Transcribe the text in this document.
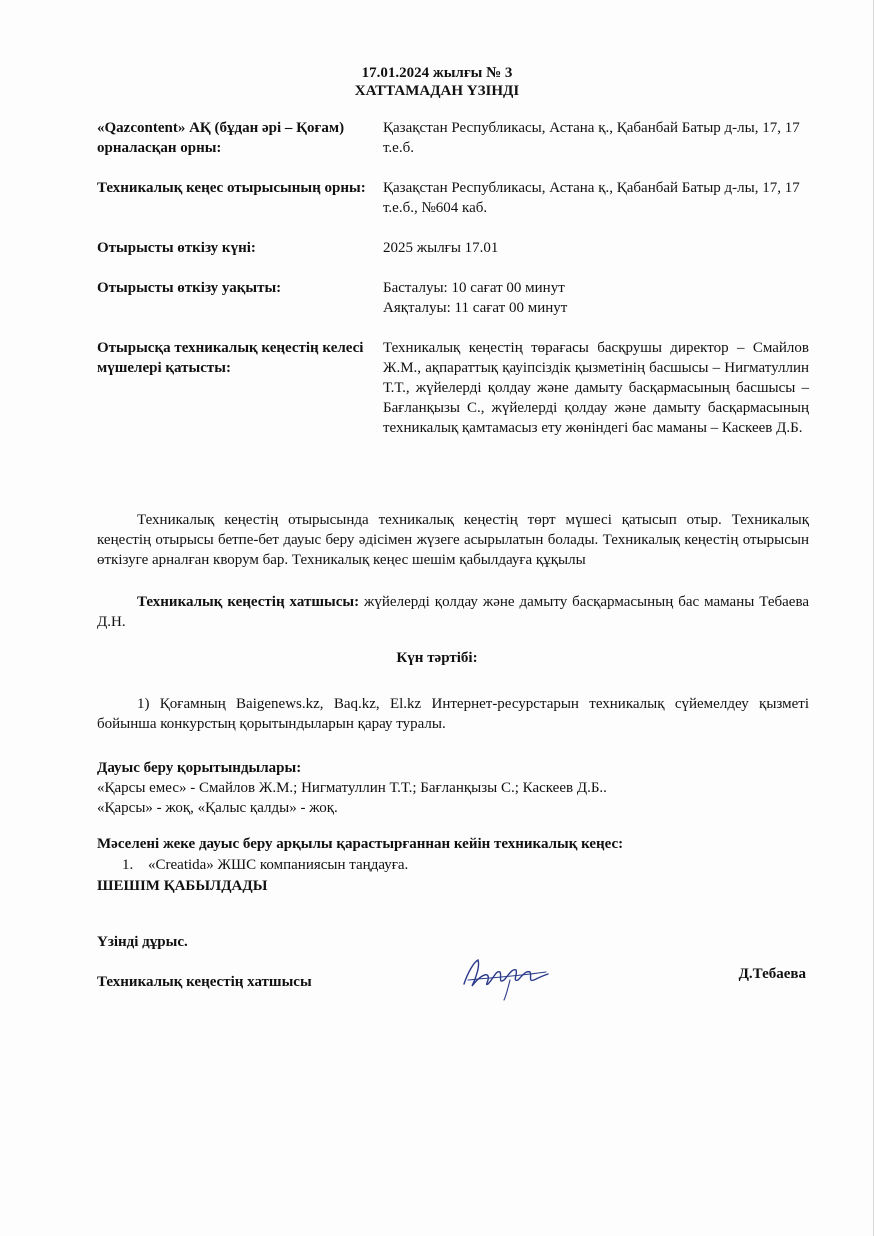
17.01.2024 жылғы № 3
ХАТТАМАДАН ҮЗІНДІ
«Qazcontent» АҚ (бұдан әрі – Қоғам) орналасқан орны:
Қазақстан Республикасы, Астана қ., Қабанбай Батыр д-лы, 17, 17 т.е.б.
Техникалық кеңес отырысының орны:	Қазақстан Республикасы, Астана қ., Қабанбай Батыр д-лы, 17, 17 т.е.б., №604 каб.
Отырысты өткізу күні:	2025 жылғы 17.01
Отырысты өткізу уақыты:	Басталуы: 10 сағат 00 минут
Аяқталуы: 11 сағат 00 минут
Отырысқа техникалық кеңестің келесі мүшелері қатысты:
Техникалық кеңестің төрағасы басқрушы директор – Смайлов Ж.М., ақпараттық қауіпсіздік қызметінің басшысы – Нигматуллин Т.Т., жүйелерді қолдау және дамыту басқармасының басшысы – Бағланқызы С., жүйелерді қолдау және дамыту басқармасының техникалық қамтамасыз ету жөніндегі бас маманы – Каскеев Д.Б.
Техникалық кеңестің отырысында техникалық кеңестің төрт мүшесі қатысып отыр. Техникалық кеңестің отырысы бетпе-бет дауыс беру әдісімен жүзеге асырылатын болады. Техникалық кеңестің отырысын өткізуге арналған кворум бар. Техникалық кеңес шешім қабылдауға құқылы
Техникалық кеңестің хатшысы: жүйелерді қолдау және дамыту басқармасының бас маманы Тебаева Д.Н.
Күн тәртібі:
1) Қоғамның Baigenews.kz, Baq.kz, El.kz Интернет-ресурстарын техникалық сүйемелдеу қызметі бойынша конкурстың қорытындыларын қарау туралы.
Дауыс беру қорытындылары:
«Қарсы емес» - Смайлов Ж.М.; Нигматуллин Т.Т.; Бағланқызы С.; Каскеев Д.Б..
«Қарсы» - жоқ, «Қалыс қалды» - жоқ.
Мәселені жеке дауыс беру арқылы қарастырғаннан кейін техникалық кеңес:
1. «Creatida» ЖШС компаниясын таңдауға.
ШЕШІМ ҚАБЫЛДАДЫ
Үзінді дұрыс.
Техникалық кеңестің хатшысы	Д.Тебаева
